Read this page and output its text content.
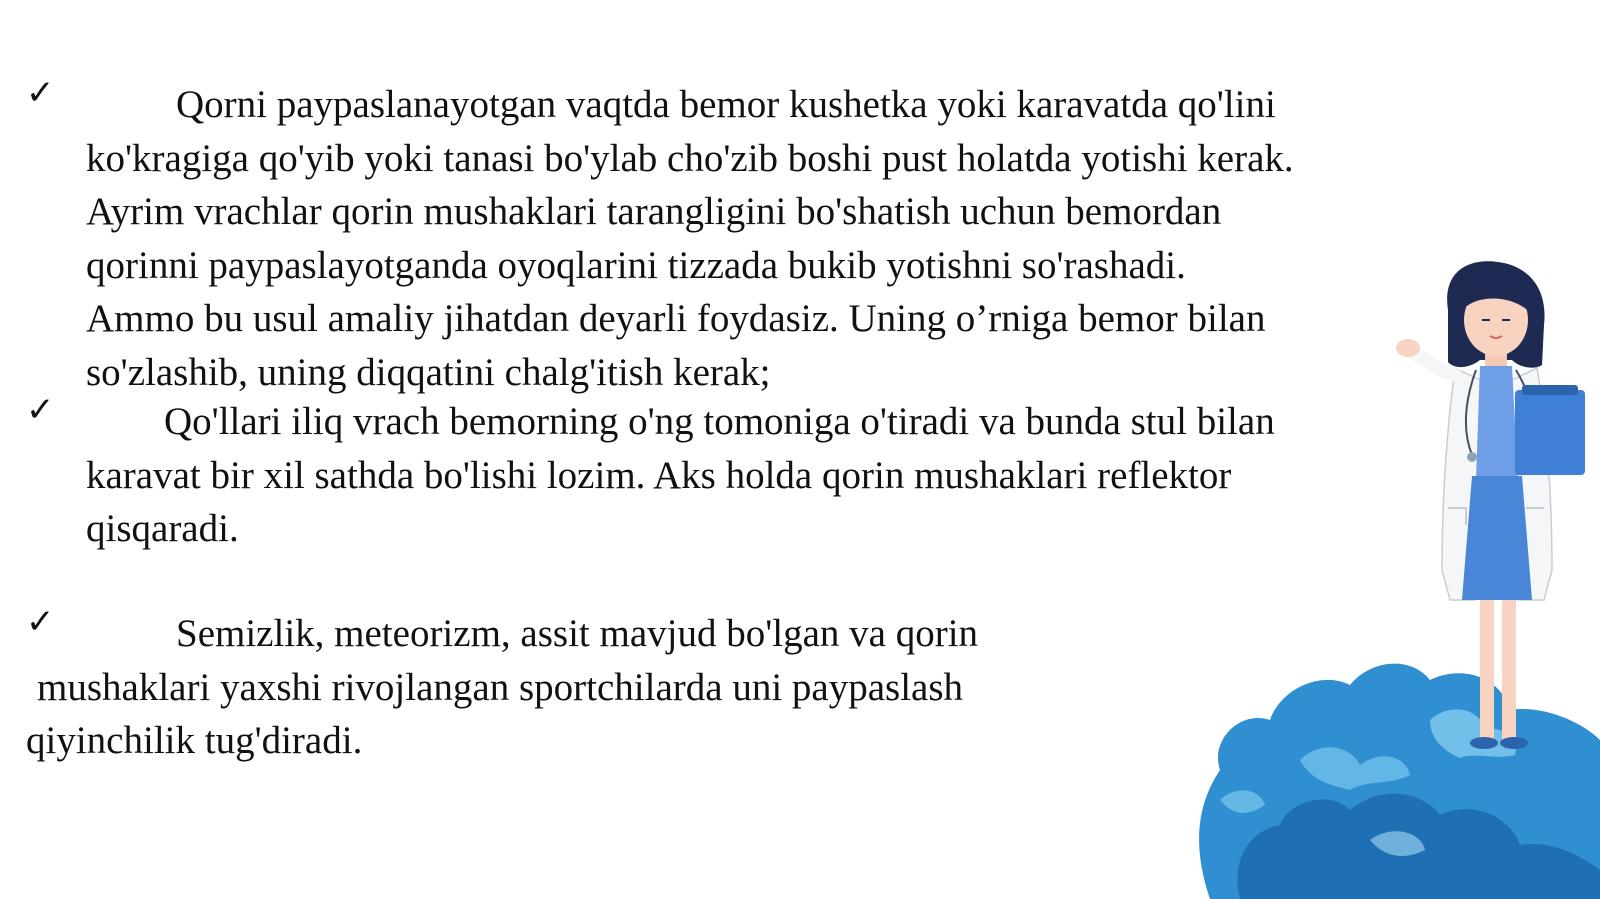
✓	Qorni paypaslanayotgan vaqtda bemor kushetka yoki karavatda qo'lini
ko'kragiga qo'yib yoki tanasi bo'ylab cho'zib boshi pust holatda yotishi kerak.
Ayrim vrachlar qorin mushaklari tarangligini bo'shatish uchun bemordan
qorinni paypaslayotganda oyoqlarini tizzada bukib yotishni so'rashadi.
Ammo bu usul amaliy jihatdan deyarli foydasiz. Uning o’rniga bemor bilan
so'zlashib, uning diqqatini chalg'itish kerak;
✓	Qo'llari iliq vrach bemorning o'ng tomoniga o'tiradi va bunda stul bilan
karavat bir xil sathda bo'lishi lozim. Aks holda qorin mushaklari reflektor
qisqaradi.
✓	Semizlik, meteorizm, assit mavjud bo'lgan va qorin
mushaklari yaxshi rivojlangan sportchilarda uni paypaslash
qiyinchilik tug'diradi.
